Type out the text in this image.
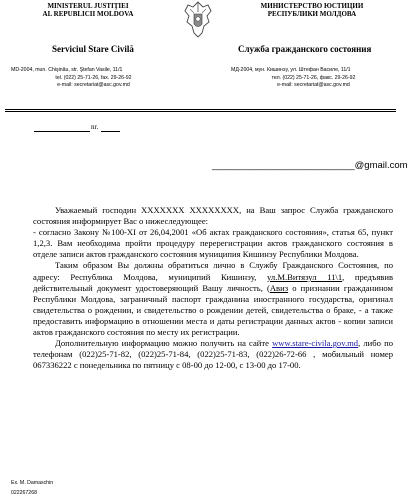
MINISTERUL JUSTIŢIEI
AL REPUBLICII MOLDOVA
МИНИСТЕРСТВО ЮСТИЦИИ
РЕСПУБЛИКИ МОЛДОВА
Serviciul Stare Civilă	Служба гражданского состояния
MD-2004, mun. Chişinău, str. Ştefan Vasile, 11/1
tel. (022) 25-71-26, fax. 29-26-92
e-mail: secretariat@asc.gov.md
МД-2004, мун. Кишинэу, ул. Штефан Василе, 11/1
тел. (022) 25-71-26, факс. 29-26-92
e-mail: secretariat@asc.gov.md
nr.
___________________________@gmail.com

Уважаемый господин XXXXXXX XXXXXXXX, на Ваш запрос Служба гражданского состояния информирует Вас о нижеследующее:

- согласно Закону №100-XI от 26,04,2001 «Об актах гражданского состояния», статья 65, пункт 1,2,3. Вам необходима пройти процедуру перерегистрации актов гражданского состояния в отделе записи актов гражданского состояния муниципия Кишинэу Республики Молдова.

Таким образом Вы должны обратиться лично в Службу Гражданского Состояния, по адресу: Республика Молдова, муниципий Кишинэу, ул.М.Витязул 11\1, предъявив действительный документ удостоверяющий Вашу личность, (Авиз о признании гражданином Республики Молдова, заграничный паспорт гражданина иностранного государства, оригинал свидетельства о рождении, и свидетельство о рождении детей, свидетельства о браке, - а также предоставить информацию в отношении места и даты регистрации данных актов - копии записи актов гражданского состояния по месту их регистрации.

Дополнительную информацию можно получить на сайте www.stare-civila.gov.md, либо по телефонам (022)25-71-82, (022)25-71-84, (022)25-71-83, (022)26-72-66 , мобильный номер 067336222 с понедельника по пятницу с 08-00 до 12-00, с 13-00 до 17-00.

Ex. M. Damaschin
022267268
